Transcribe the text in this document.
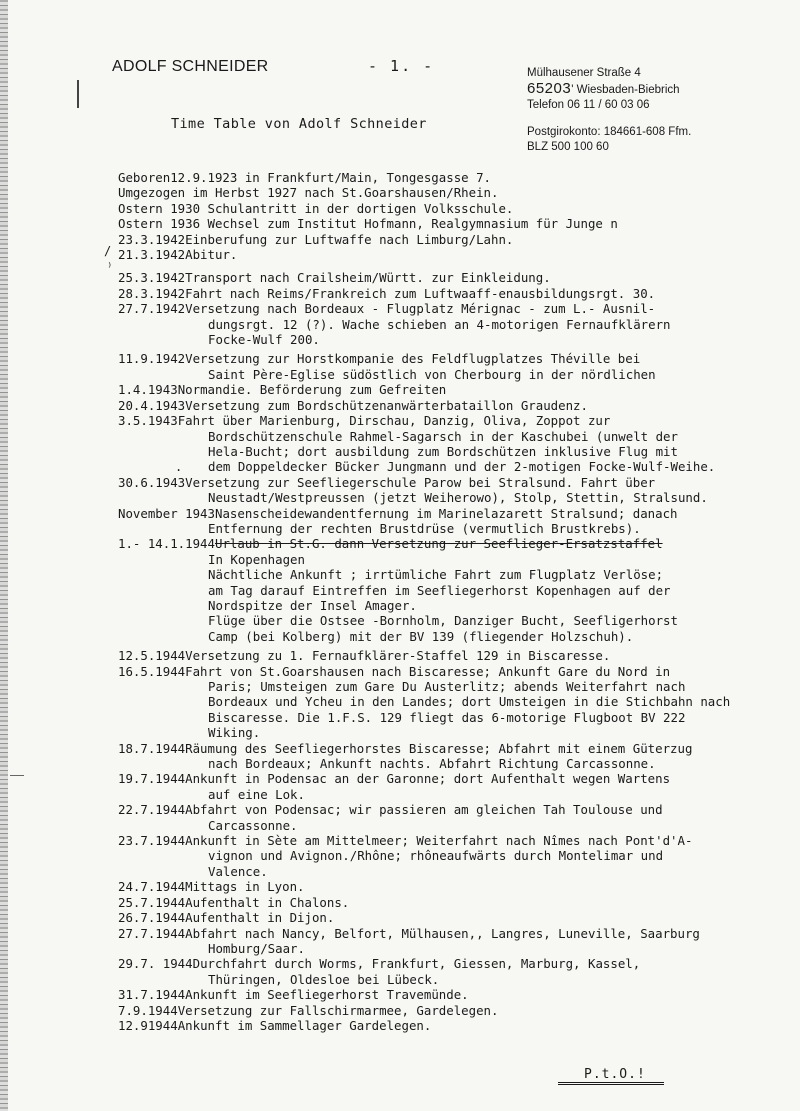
ADOLF SCHNEIDER	- 1. -	Mülhausener Straße 4
65203' Wiesbaden-Biebrich
Telefon 06 11 / 60 03 06
Postgirokonto: 184661-608 Ffm.
BLZ 500 100 60
Time Table von Adolf Schneider
/
⁾
.
Geboren 12.9.1923 in Frankfurt/Main, Tongesgasse 7.
Umgezogen im Herbst 1927 nach St.Goarshausen/Rhein.
Ostern 1930 Schulantritt in der dortigen Volksschule.
Ostern 1936 Wechsel zum Institut Hofmann, Realgymnasium für Junge n
23.3.1942 Einberufung zur Luftwaffe nach Limburg/Lahn.
21.3.1942 Abitur.
25.3.1942 Transport nach Crailsheim/Württ. zur Einkleidung.
28.3.1942 Fahrt nach Reims/Frankreich zum Luftwaaff-enausbildungsrgt. 30.
27.7.1942 Versetzung nach Bordeaux - Flugplatz Mérignac - zum L.- Ausnil-
dungsrgt. 12 (?). Wache schieben an 4-motorigen Fernaufklärern
Focke-Wulf 200.
11.9.1942 Versetzung zur Horstkompanie des Feldflugplatzes Théville bei
Saint Père-Eglise südöstlich von Cherbourg in der nördlichen
1.4.1943 Normandie. Beförderung zum Gefreiten
20.4.1943 Versetzung zum Bordschützenanwärterbataillon Graudenz.
3.5.1943 Fahrt über Marienburg, Dirschau, Danzig, Oliva, Zoppot zur
Bordschützenschule Rahmel-Sagarsch in der Kaschubei (unwelt der
Hela-Bucht; dort ausbildung zum Bordschützen inklusive Flug mit
dem Doppeldecker Bücker Jungmann und der 2-motigen Focke-Wulf-Weihe.
30.6.1943 Versetzung zur Seefliegerschule Parow bei Stralsund. Fahrt über
Neustadt/Westpreussen (jetzt Weiherowo), Stolp, Stettin, Stralsund.
November 1943 Nasenscheidewandentfernung im Marinelazarett Stralsund; danach
Entfernung der rechten Brustdrüse (vermutlich Brustkrebs).
1.- 14.1.1944 Urlaub in St.G. dann Versetzung zur Seeflieger-Ersatzstaffel
In Kopenhagen
Nächtliche Ankunft ; irrtümliche Fahrt zum Flugplatz Verlöse;
am Tag darauf Eintreffen im Seefliegerhorst Kopenhagen auf der
Nordspitze der Insel Amager.
Flüge über die Ostsee -Bornholm, Danziger Bucht, Seefligerhorst
Camp (bei Kolberg) mit der BV 139 (fliegender Holzschuh).
12.5.1944 Versetzung zu 1. Fernaufklärer-Staffel 129 in Biscaresse.
16.5.1944 Fahrt von St.Goarshausen nach Biscaresse; Ankunft Gare du Nord in
Paris; Umsteigen zum Gare Du Austerlitz; abends Weiterfahrt nach
Bordeaux und Ycheu in den Landes; dort Umsteigen in die Stichbahn nach
Biscaresse. Die 1.F.S. 129 fliegt das 6-motorige Flugboot BV 222
Wiking.
18.7.1944 Räumung des Seefliegerhorstes Biscaresse; Abfahrt mit einem Güterzug
nach Bordeaux; Ankunft nachts. Abfahrt Richtung Carcassonne.
19.7.1944 Ankunft in Podensac an der Garonne; dort Aufenthalt wegen Wartens
auf eine Lok.
22.7.1944 Abfahrt von Podensac; wir passieren am gleichen Tah Toulouse und
Carcassonne.
23.7.1944 Ankunft in Sète am Mittelmeer; Weiterfahrt nach Nîmes nach Pont'd'A-
vignon und Avignon./Rhône; rhôneaufwärts durch Montelimar und
Valence.
24.7.1944 Mittags in Lyon.
25.7.1944 Aufenthalt in Chalons.
26.7.1944 Aufenthalt in Dijon.
27.7.1944 Abfahrt nach Nancy, Belfort, Mülhausen,, Langres, Luneville, Saarburg
Homburg/Saar.
29.7. 1944 Durchfahrt durch Worms, Frankfurt, Giessen, Marburg, Kassel,
Thüringen, Oldesloe bei Lübeck.
31.7.1944 Ankunft im Seefliegerhorst Travemünde.
7.9.1944 Versetzung zur Fallschirmarmee, Gardelegen.
12.91944 Ankunft im Sammellager Gardelegen.
P.t.O.!
